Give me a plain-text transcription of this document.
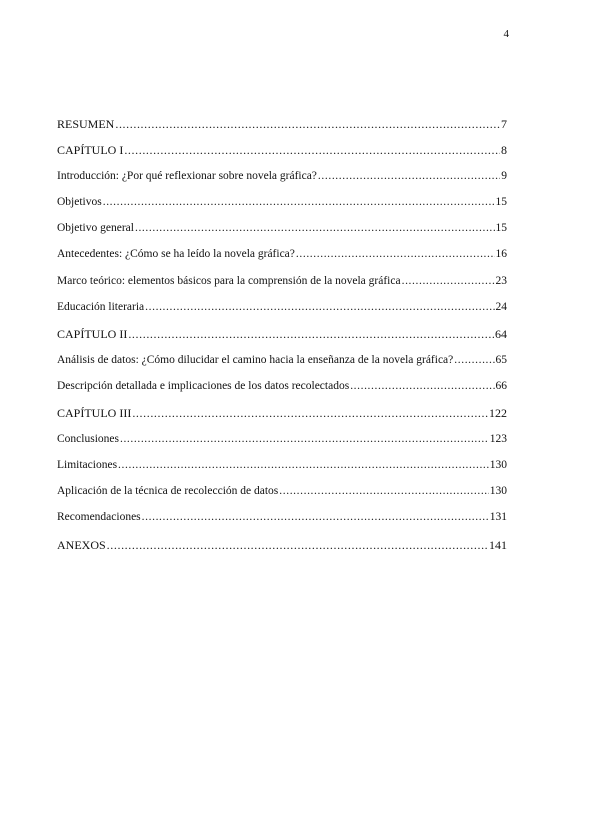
4
RESUMEN .....	7
CAPÍTULO I .....	8
Introducción: ¿Por qué reflexionar sobre novela gráfica? .....	9
Objetivos .....	15
Objetivo general .....	15
Antecedentes: ¿Cómo se ha leído la novela gráfica? .....	16
Marco teórico: elementos básicos para la comprensión de la novela gráfica .....	23
Educación literaria .....	24
CAPÍTULO II .....	64
Análisis de datos: ¿Cómo dilucidar el camino hacia la enseñanza de la novela gráfica? .....	65
Descripción detallada e implicaciones de los datos recolectados .....	66
CAPÍTULO III .....	122
Conclusiones .....	123
Limitaciones .....	130
Aplicación de la técnica de recolección de datos .....	130
Recomendaciones .....	131
ANEXOS .....	141
